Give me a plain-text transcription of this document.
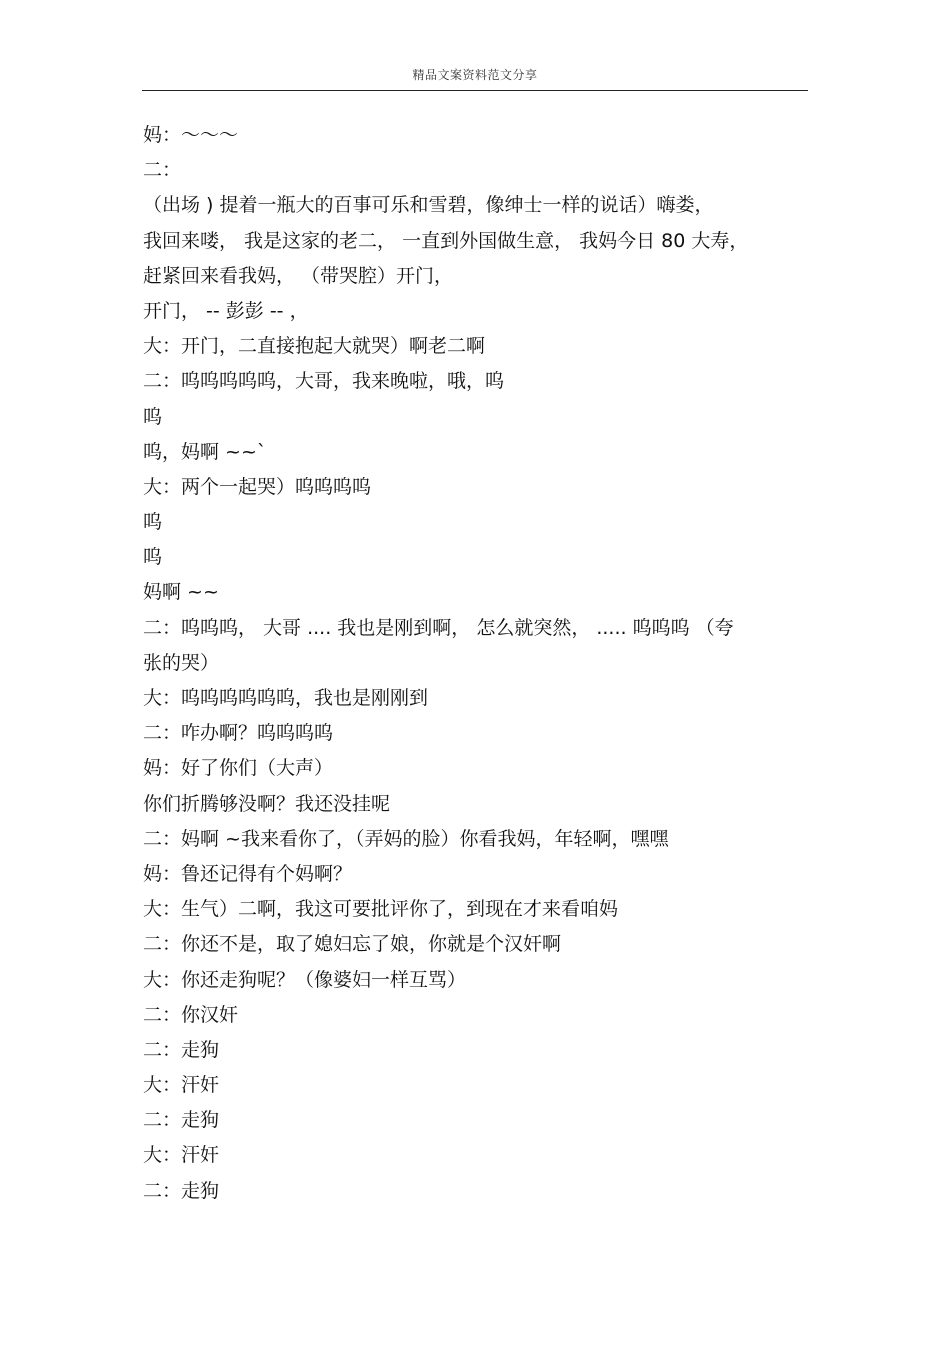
精品文案资料范文分享
妈：～～～
二：
（出场 ) 提着一瓶大的百事可乐和雪碧，像绅士一样的说话）嗨娄，
我回来喽， 我是这家的老二， 一直到外国做生意， 我妈今日 80 大寿，
赶紧回来看我妈， （带哭腔）开门，
开门， -- 彭彭 -- ，
大：开门，二直接抱起大就哭）啊老二啊
二：呜呜呜呜呜，大哥，我来晚啦，哦，呜
呜
呜，妈啊 ~~`
大：两个一起哭）呜呜呜呜
呜
呜
妈啊 ~~
二：呜呜呜， 大哥 .... 我也是刚到啊， 怎么就突然， ..... 呜呜呜 （夸
张的哭）
大：呜呜呜呜呜呜，我也是刚刚到
二：咋办啊？呜呜呜呜
妈：好了你们（大声）
你们折腾够没啊？我还没挂呢
二：妈啊 ~我来看你了，（弄妈的脸）你看我妈，年轻啊，嘿嘿
妈：鲁还记得有个妈啊？
大：生气）二啊，我这可要批评你了，到现在才来看咱妈
二：你还不是，取了媳妇忘了娘，你就是个汉奸啊
大：你还走狗呢？（像婆妇一样互骂）
二：你汉奸
二：走狗
大：汗奸
二：走狗
大：汗奸
二：走狗
